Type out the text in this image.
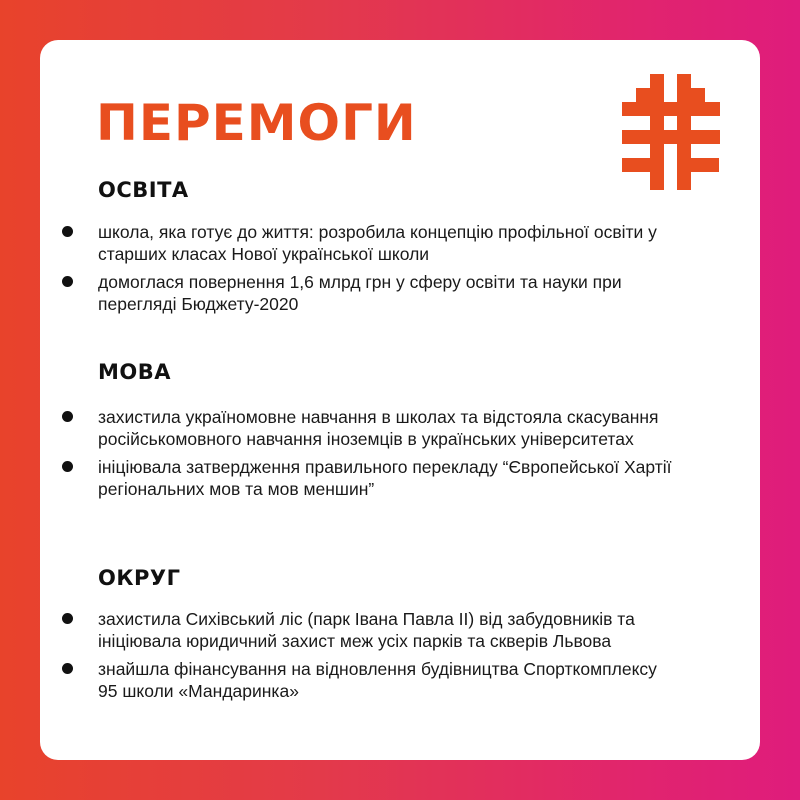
ПЕРЕМОГИ
ОСВІТА
школа, яка готує до життя: розробила концепцію профільної освіти у старших класах Нової української школи
домоглася повернення 1,6 млрд грн у сферу освіти та науки при перегляді Бюджету-2020
МОВА
захистила україномовне навчання в школах та відстояла скасування російськомовного навчання іноземців в українських університетах
ініціювала затвердження правильного перекладу “Європейської Хартії регіональних мов та мов меншин”
ОКРУГ
захистила Сихівський ліс (парк Івана Павла ІІ) від забудовників та ініціювала юридичний захист меж усіх парків та скверів Львова
знайшла фінансування на відновлення будівництва Спорткомплексу 95 школи «Мандаринка»
